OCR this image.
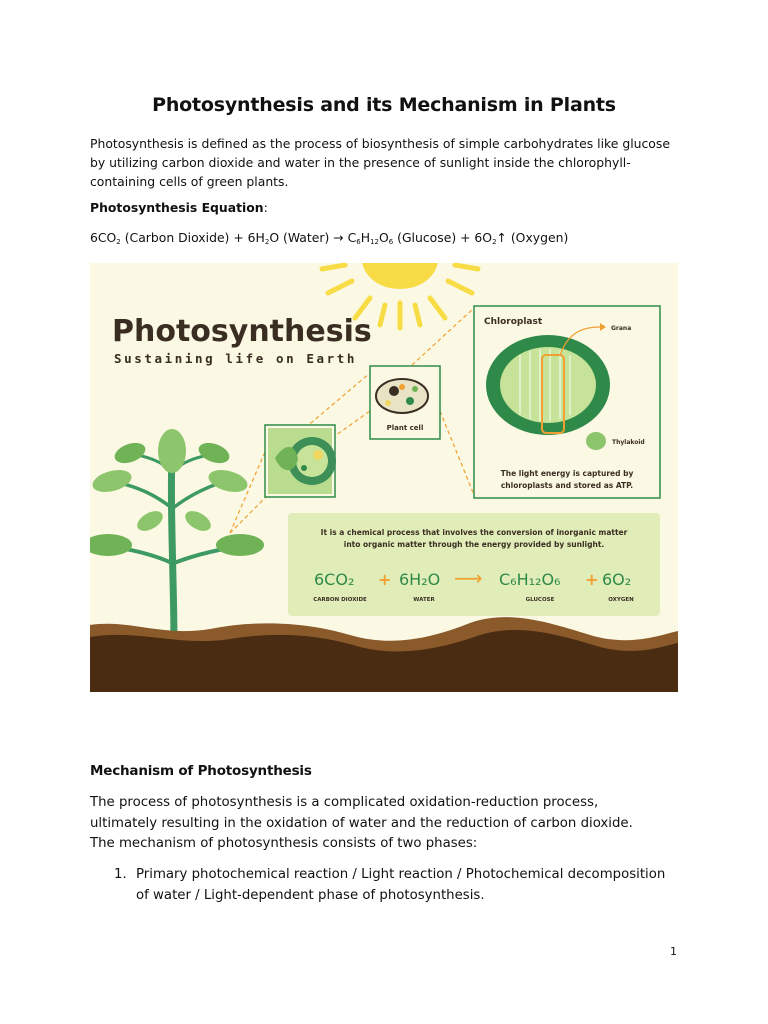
Photosynthesis and its Mechanism in Plants
Photosynthesis is defined as the process of biosynthesis of simple carbohydrates like glucose by utilizing carbon dioxide and water in the presence of sunlight inside the chlorophyll-containing cells of green plants.
Photosynthesis Equation:
$6CO_2$ (Carbon Dioxide) + $6H_2O$ (Water) → $C_6H_{12}O_6$ $(Glucose) + 6O_2↑$ (Oxygen)
Photosynthesis
Sustaining life on Earth
Plant cell
Chloroplast
Grana
Thylakoid
The light energy is captured by
chloroplasts and stored as ATP.
It is a chemical process that involves the conversion of inorganic matter
into organic matter through the energy provided by sunlight.
6CO₂ + 6H₂O ⟶ C₆H₁₂O₆ + 6O₂
CARBON DIOXIDE	WATER	GLUCOSE	OXYGEN
Mechanism of Photosynthesis
The process of photosynthesis is a complicated oxidation-reduction process, ultimately resulting in the oxidation of water and the reduction of carbon dioxide. The mechanism of photosynthesis consists of two phases:
1. Primary photochemical reaction / Light reaction / Photochemical decomposition of water / Light-dependent phase of photosynthesis.
1
